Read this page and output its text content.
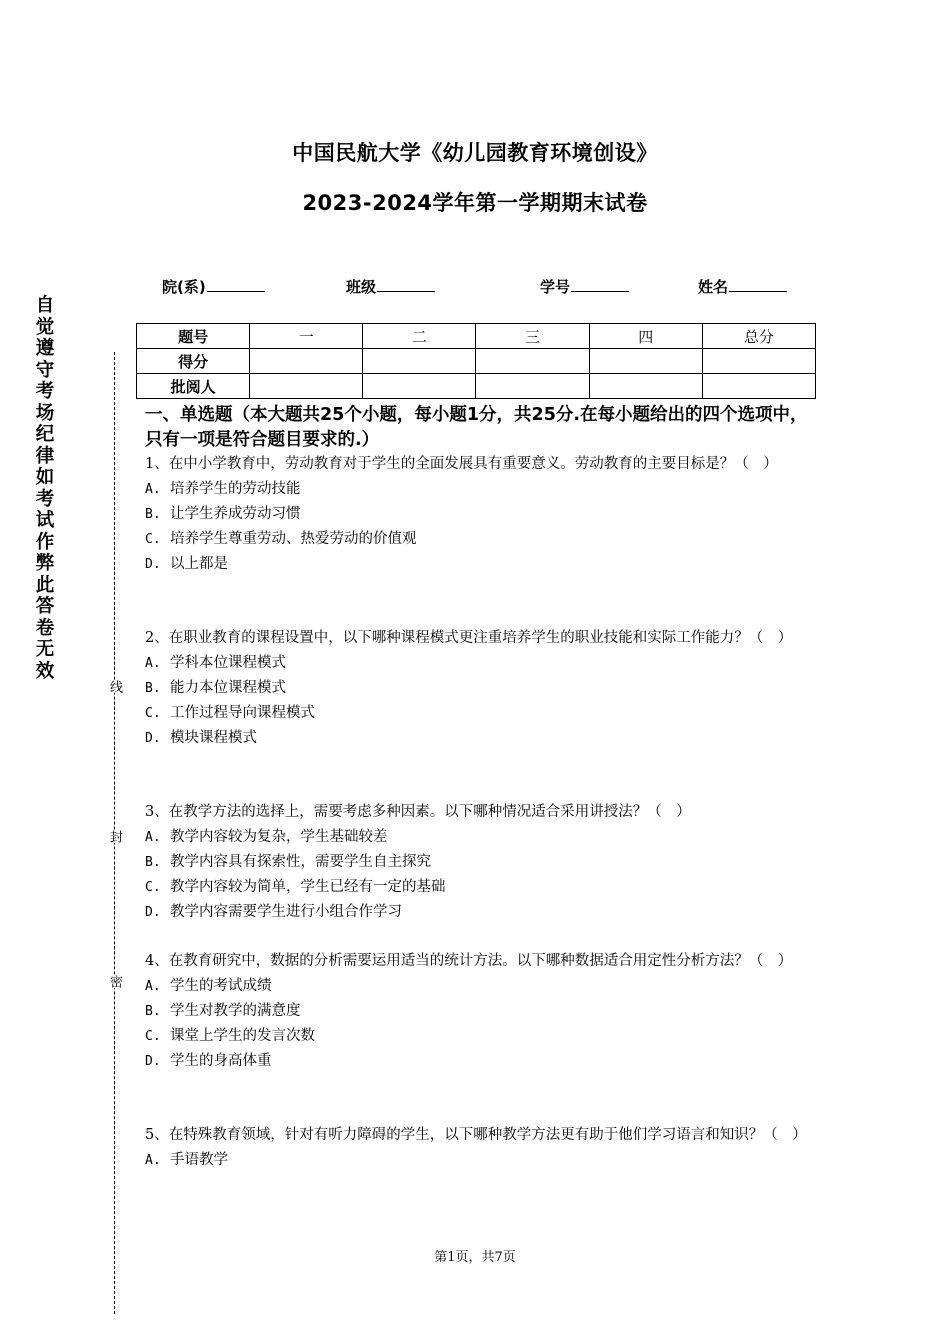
中国民航大学《幼儿园教育环境创设》
2023-2024学年第一学期期末试卷
院(系)	班级	学号	姓名
题号	一	二	三	四	总分
得分					
批阅人					
自觉遵守考场纪律如考试作弊此答卷无效
线
封
密
一、单选题（本大题共25个小题，每小题1分，共25分.在每小题给出的四个选项中，只有一项是符合题目要求的.）

1、在中小学教育中，劳动教育对于学生的全面发展具有重要意义。劳动教育的主要目标是？（　）

A. 培养学生的劳动技能

B. 让学生养成劳动习惯

C. 培养学生尊重劳动、热爱劳动的价值观

D. 以上都是

2、在职业教育的课程设置中，以下哪种课程模式更注重培养学生的职业技能和实际工作能力？（　）

A. 学科本位课程模式

B. 能力本位课程模式

C. 工作过程导向课程模式

D. 模块课程模式

3、在教学方法的选择上，需要考虑多种因素。以下哪种情况适合采用讲授法？（　）

A. 教学内容较为复杂，学生基础较差

B. 教学内容具有探索性，需要学生自主探究

C. 教学内容较为简单，学生已经有一定的基础

D. 教学内容需要学生进行小组合作学习

4、在教育研究中，数据的分析需要运用适当的统计方法。以下哪种数据适合用定性分析方法？（　）

A. 学生的考试成绩

B. 学生对教学的满意度

C. 课堂上学生的发言次数

D. 学生的身高体重

5、在特殊教育领域，针对有听力障碍的学生，以下哪种教学方法更有助于他们学习语言和知识？（　）

A. 手语教学

第1页，共7页
